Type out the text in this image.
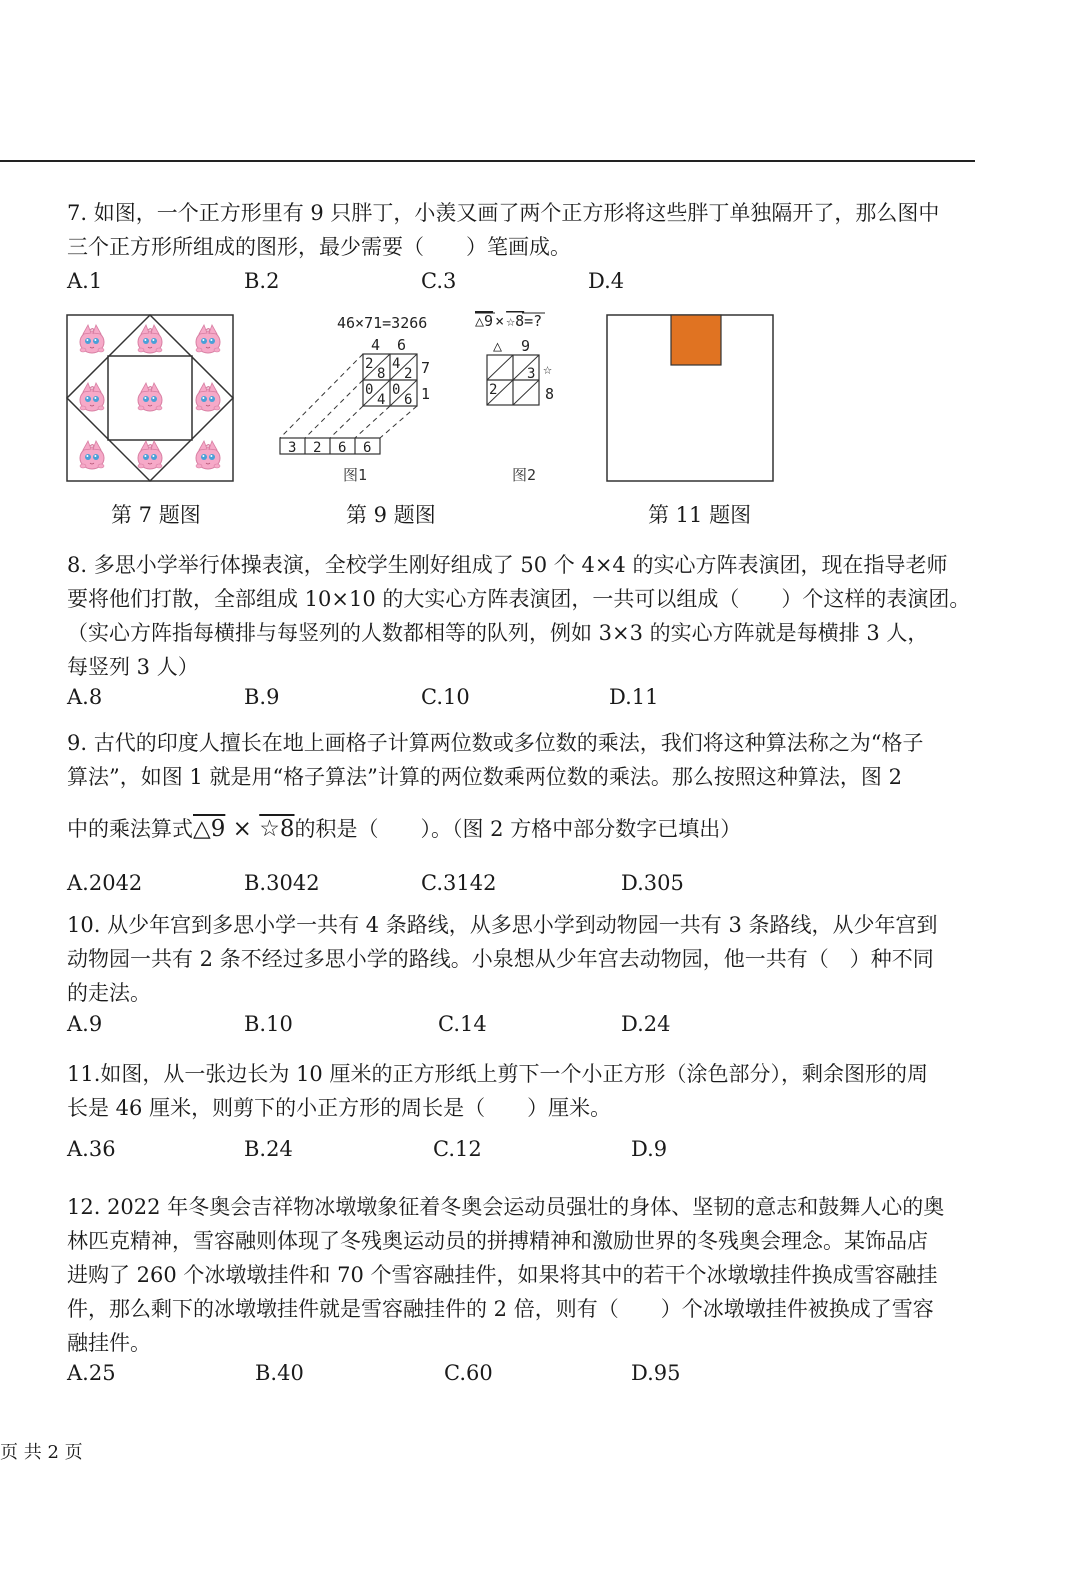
7. 如图，一个正方形里有 9 只胖丁，小羡又画了两个正方形将这些胖丁单独隔开了，那么图中
三个正方形所组成的图形，最少需要（　　）笔画成。
A.1	B.2	C.3	D.4
46×71=3266
4 6
2
8
4
2
0
4
0
6
7
1
3 2 6 6
图1
△9 × ☆8=?
△ 9
3
2
☆
8
图2
第 7 题图	第 9 题图	第 11 题图
8. 多思小学举行体操表演，全校学生刚好组成了 50 个 4×4 的实心方阵表演团，现在指导老师
要将他们打散，全部组成 10×10 的大实心方阵表演团，一共可以组成（　　）个这样的表演团。
（实心方阵指每横排与每竖列的人数都相等的队列，例如 3×3 的实心方阵就是每横排 3 人，
每竖列 3 人）
A.8	B.9	C.10	D.11
9. 古代的印度人擅长在地上画格子计算两位数或多位数的乘法，我们将这种算法称之为“格子
算法”，如图 1 就是用“格子算法”计算的两位数乘两位数的乘法。那么按照这种算法，图 2
中的乘法算式△9 × ☆8的积是（　　）。（图 2 方格中部分数字已填出）
A.2042	B.3042	C.3142	D.305
10. 从少年宫到多思小学一共有 4 条路线，从多思小学到动物园一共有 3 条路线，从少年宫到
动物园一共有 2 条不经过多思小学的路线。小泉想从少年宫去动物园，他一共有（　）种不同
的走法。
A.9	B.10	C.14	D.24
11.如图，从一张边长为 10 厘米的正方形纸上剪下一个小正方形（涂色部分），剩余图形的周
长是 46 厘米，则剪下的小正方形的周长是（　　）厘米。
A.36	B.24	C.12	D.9
12. 2022 年冬奥会吉祥物冰墩墩象征着冬奥会运动员强壮的身体、坚韧的意志和鼓舞人心的奥
林匹克精神，雪容融则体现了冬残奥运动员的拼搏精神和激励世界的冬残奥会理念。某饰品店
进购了 260 个冰墩墩挂件和 70 个雪容融挂件，如果将其中的若干个冰墩墩挂件换成雪容融挂
件，那么剩下的冰墩墩挂件就是雪容融挂件的 2 倍，则有（　　）个冰墩墩挂件被换成了雪容
融挂件。
A.25	B.40	C.60	D.95
页 共 2 页
